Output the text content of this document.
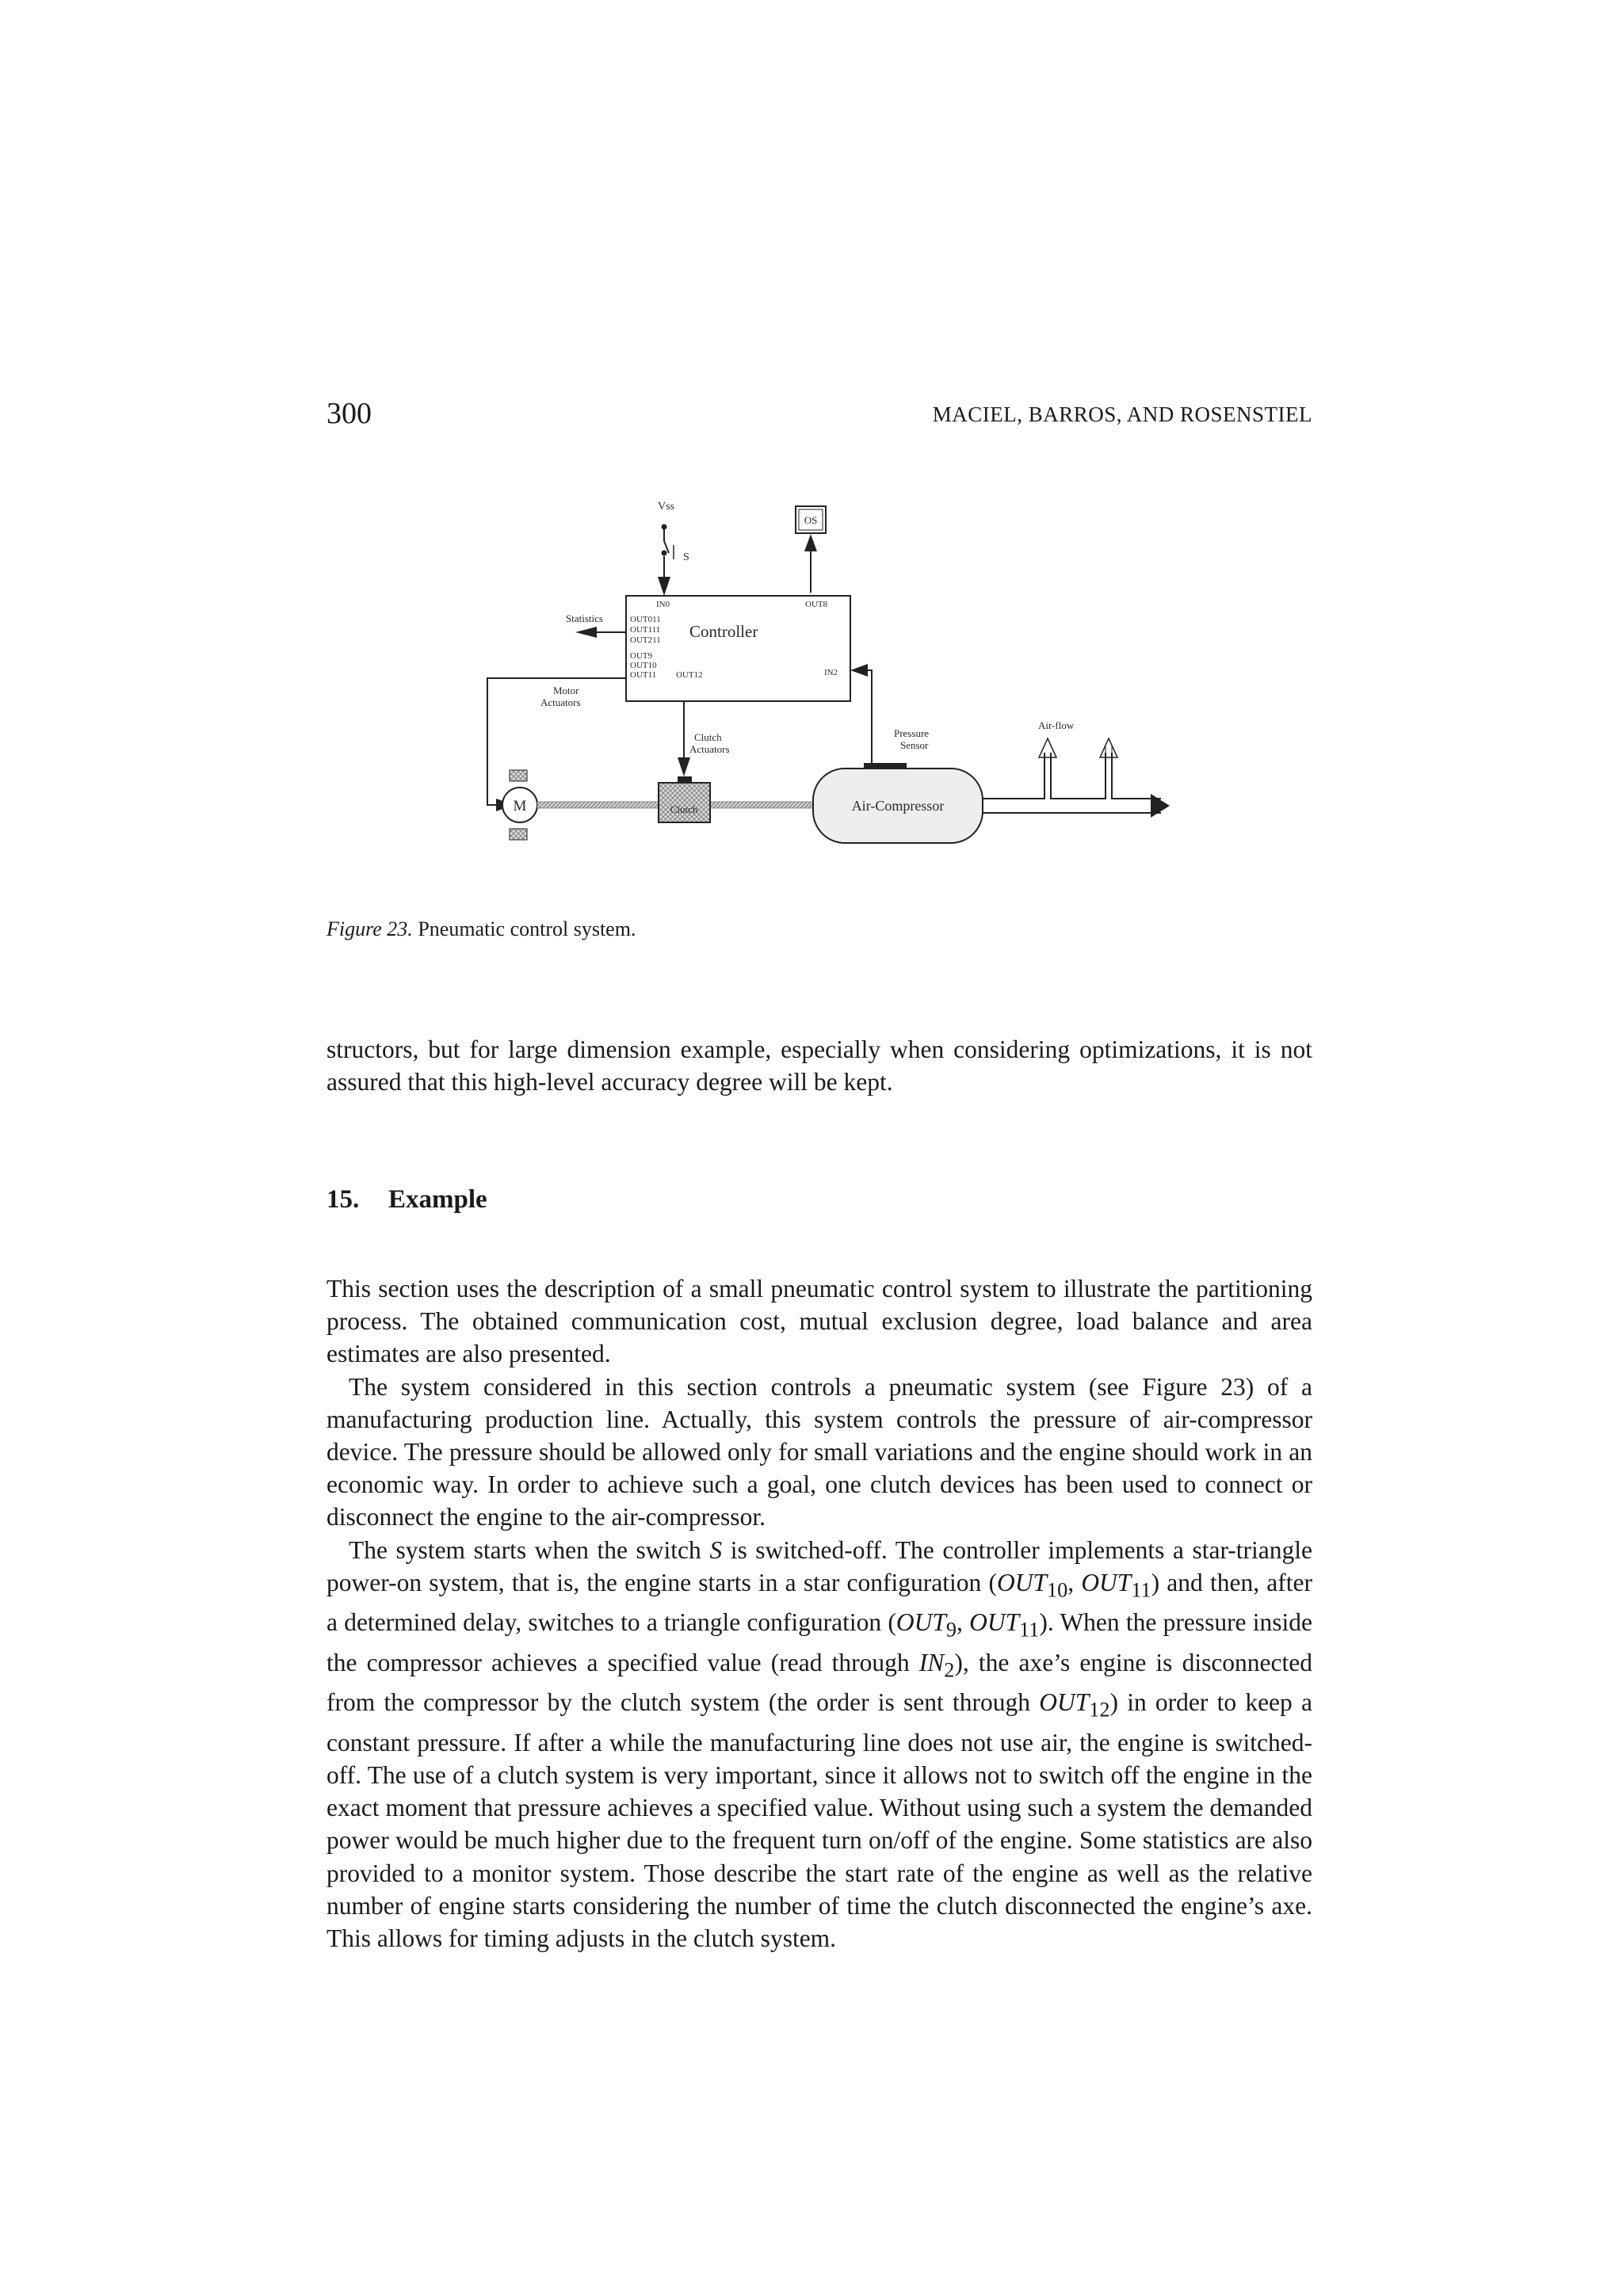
300	MACIEL, BARROS, AND ROSENSTIEL
Vss
S
OS
IN0	OUT8
OUT011
OUT111
OUT211 Controller
OUT9
OUT10
OUT11 OUT12	IN2
Statistics
Motor
Actuators
Clutch
Actuators
Pressure
Sensor
M	Clutch	Air-Compressor
Air-flow
Figure 23. Pneumatic control system.

structors, but for large dimension example, especially when considering optimizations, it is not assured that this high-level accuracy degree will be kept.

15. Example

This section uses the description of a small pneumatic control system to illustrate the partitioning process. The obtained communication cost, mutual exclusion degree, load balance and area estimates are also presented.

The system considered in this section controls a pneumatic system (see Figure 23) of a manufacturing production line. Actually, this system controls the pressure of air-compressor device. The pressure should be allowed only for small variations and the engine should work in an economic way. In order to achieve such a goal, one clutch devices has been used to connect or disconnect the engine to the air-compressor.

The system starts when the switch S is switched-off. The controller implements a star-triangle power-on system, that is, the engine starts in a star configuration ($OUT_{10}$, $OUT_{11}$) and then, after a determined delay, switches to a triangle configuration ($OUT_9$, $OUT_{11}$). When the pressure inside the compressor achieves a specified value (read through $IN_2$), the axe’s engine is disconnected from the compressor by the clutch system (the order is sent through $OUT_{12}$) in order to keep a constant pressure. If after a while the manufacturing line does not use air, the engine is switched-off. The use of a clutch system is very important, since it allows not to switch off the engine in the exact moment that pressure achieves a specified value. Without using such a system the demanded power would be much higher due to the frequent turn on/off of the engine. Some statistics are also provided to a monitor system. Those describe the start rate of the engine as well as the relative number of engine starts considering the number of time the clutch disconnected the engine’s axe. This allows for timing adjusts in the clutch system.
